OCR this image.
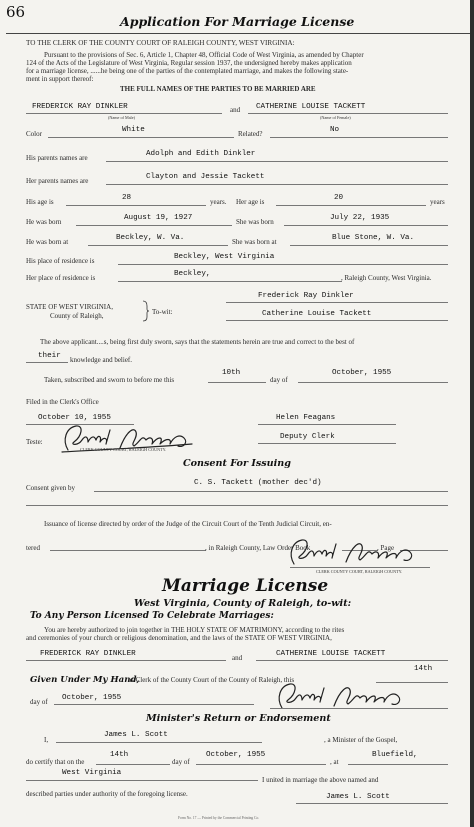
66
Application For Marriage License
TO THE CLERK OF THE COUNTY COURT OF RALEIGH COUNTY, WEST VIRGINIA:
Pursuant to the provisions of Sec. 6, Article 1, Chapter 48, Official Code of West Virginia, as amended by Chapter
124 of the Acts of the Legislature of West Virginia, Regular session 1937, the undersigned hereby makes application
for a marriage license, ......he being one of the parties of the contemplated marriage, and makes the following state-
ment in support thereof:
THE FULL NAMES OF THE PARTIES TO BE MARRIED ARE
FREDERICK RAY DINKLER	and CATHERINE LOUISE TACKETT
(Name of Male)	(Name of Female)
Color	White	Related?	No
His parents names are	Adolph and Edith Dinkler
Her parents names are	Clayton and Jessie Tackett
His age is	28	years. Her age is	20	years
He was born	August 19, 1927	She was born	July 22, 1935
He was born at	Beckley, W. Va.	She was born at	Blue Stone, W. Va.
His place of residence is	Beckley, West Virginia
Her place of residence is	Beckley,	, Raleigh County, West Virginia.
STATE OF WEST VIRGINIA,
County of Raleigh,	To-wit:
Frederick Ray Dinkler
Catherine Louise Tackett
The above applicant....s, being first duly sworn, says that the statements herein are true and correct to the best of
their knowledge and belief.
Taken, subscribed and sworn to before me this
10th
day of
October, 1955
Filed in the Clerk's Office
October 10, 1955	Helen Feagans
Teste:
CLERK COUNTY COURT, RALEIGH COUNTY.
Deputy Clerk
Consent For Issuing
Consent given by
C. S. Tackett (mother dec'd)
Issuance of license directed by order of the Judge of the Circuit Court of the Tenth Judicial Circuit, en-
tered	, in Raleigh County, Law Order Book	, Page
CLERK COUNTY COURT, RALEIGH COUNTY.
Marriage License
West Virginia, County of Raleigh, to-wit:
To Any Person Licensed To Celebrate Marriages:
You are hereby authorized to join together in THE HOLY STATE OF MATRIMONY, according to the rites
and ceremonies of your church or religious denomination, and the laws of the STATE OF WEST VIRGINIA,
FREDERICK RAY DINKLER	and	CATHERINE LOUISE TACKETT
14th
Given Under My Hand,
as Clerk of the County Court of the County of Raleigh, this
day of October, 1955
Minister's Return or Endorsement
I,
James L. Scott
, a Minister of the Gospel,
do certify that on the
14th
day of
October, 1955
, at
Bluefield,
West Virginia
I united in marriage the above named and
described parties under authority of the foregoing license.	James L. Scott
Form No. 17 — Printed by the Commercial Printing Co.
